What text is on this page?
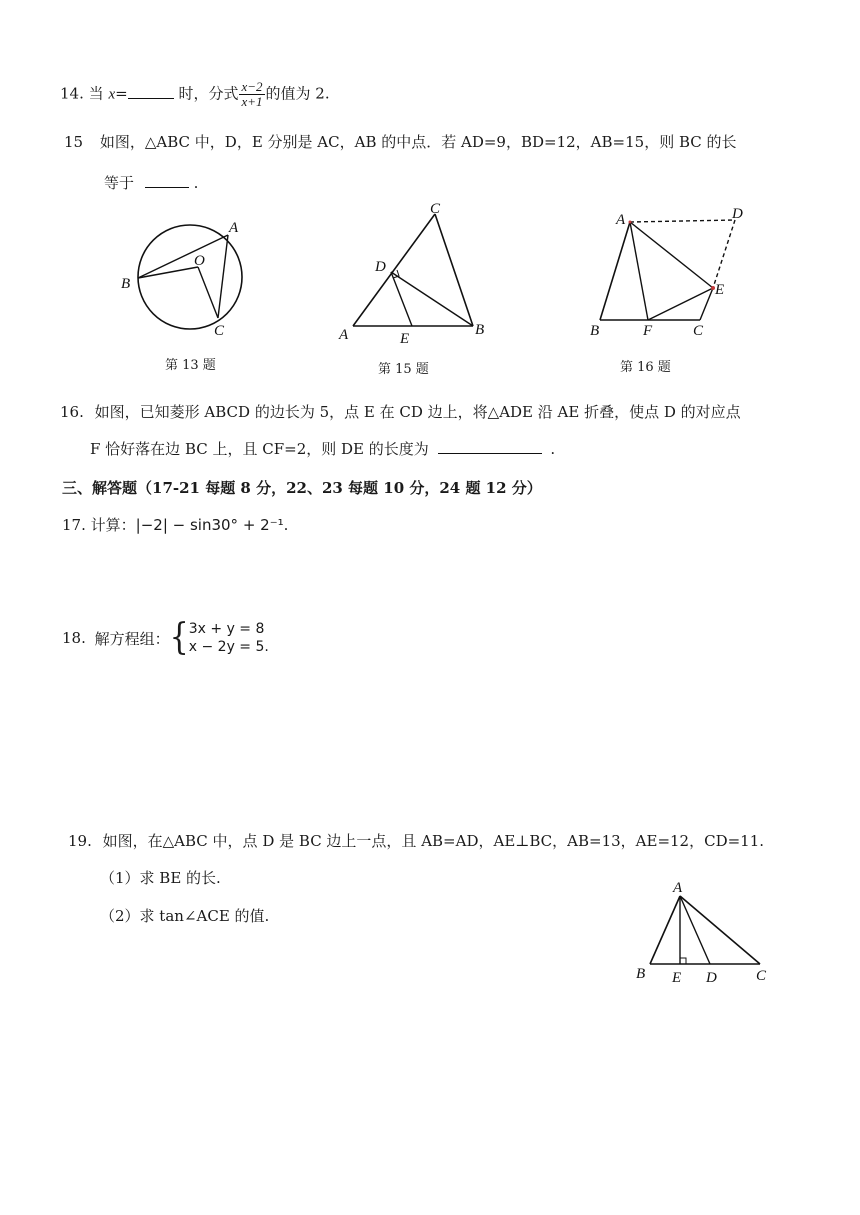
14. 当 x=	时，分式 $\frac{x-2}{x+1}$ 的值为 2.
15 如图，△ABC 中，D，E 分别是 AC，AB 的中点．若 AD=9，BD=12，AB=15，则 BC 的长
等于	.
A
B
O
C
第 13 题
C
D
A	E
B
第 15 题
A	D
E
B	F	C
第 16 题
16. 如图，已知菱形 ABCD 的边长为 5，点 E 在 CD 边上，将△ADE 沿 AE 折叠，使点 D 的对应点
F 恰好落在边 BC 上，且 CF=2，则 DE 的长度为	.
三、解答题（17-21 每题 8 分，22、23 每题 10 分，24 题 12 分）
17. 计算：|−2| − sin30° + 2⁻¹.
18. 解方程组：{ 3x + y = 8
x − 2y = 5.
19. 如图，在△ABC 中，点 D 是 BC 边上一点，且 AB=AD，AE⊥BC，AB=13，AE=12，CD=11.
（1）求 BE 的长.
（2）求 tan∠ACE 的值.
A
B E D	C
